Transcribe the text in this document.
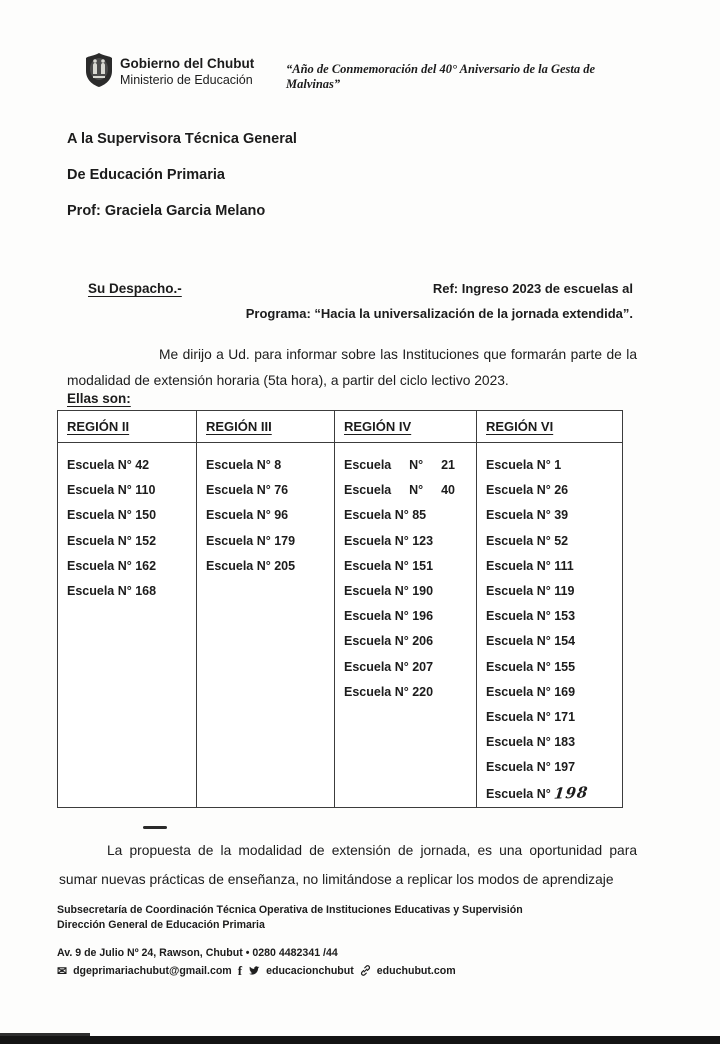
Gobierno del Chubut
Ministerio de Educación
“Año de Conmemoración del 40° Aniversario de la Gesta de Malvinas”
A la Supervisora Técnica General
De Educación Primaria
Prof: Graciela Garcia Melano
Su Despacho.-	Ref: Ingreso 2023 de escuelas al
Programa: “Hacia la universalización de la jornada extendida”.

Me dirijo a Ud. para informar sobre las Instituciones que formarán parte de la modalidad de extensión horaria (5ta hora), a partir del ciclo lectivo 2023.

Ellas son:
REGIÓN II
Escuela N° 42
Escuela N° 110
Escuela N° 150
Escuela N° 152
Escuela N° 162
Escuela N° 168
REGIÓN III
Escuela N° 8
Escuela N° 76
Escuela N° 96
Escuela N° 179
Escuela N° 205
REGIÓN IV
Escuela N° 21
Escuela N° 40
Escuela N° 85
Escuela N° 123
Escuela N° 151
Escuela N° 190
Escuela N° 196
Escuela N° 206
Escuela N° 207
Escuela N° 220
REGIÓN VI
Escuela N° 1
Escuela N° 26
Escuela N° 39
Escuela N° 52
Escuela N° 111
Escuela N° 119
Escuela N° 153
Escuela N° 154
Escuela N° 155
Escuela N° 169
Escuela N° 171
Escuela N° 183
Escuela N° 197
Escuela N° 198

La propuesta de la modalidad de extensión de jornada, es una oportunidad para sumar nuevas prácticas de enseñanza, no limitándose a replicar los modos de aprendizaje

Subsecretaría de Coordinación Técnica Operativa de Instituciones Educativas y Supervisión
Dirección General de Educación Primaria
Av. 9 de Julio Nº 24, Rawson, Chubut • 0280 4482341 /44
✉ dgeprimariachubut@gmail.com f educacionchubut educhubut.com
